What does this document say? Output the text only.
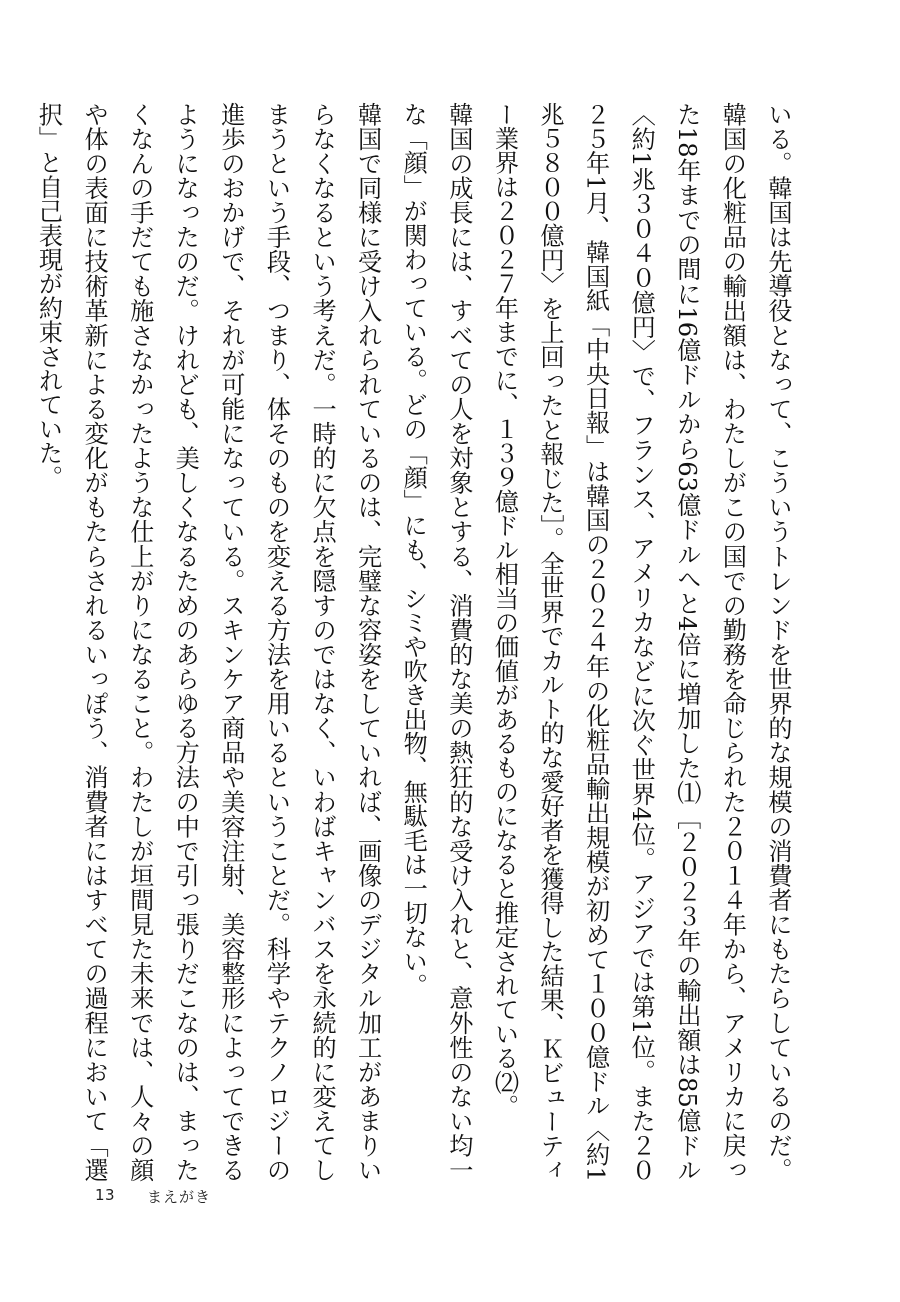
いる。韓国は先導役となって、こういうトレンドを世界的な規模の消費者にもたらしているのだ。韓国の化粧品の輸出額は、わたしがこの国での勤務を命じられた２０１４年から、アメリカに戻った18年までの間に16億ドルから63億ドルへと4倍に増加した⑴［２０２３年の輸出額は85億ドル〈約1兆３０４０億円〉で、フランス、アメリカなどに次ぐ世界4位。アジアでは第1位。また２０２５年1月、韓国紙「中央日報」は韓国の２０２４年の化粧品輸出規模が初めて１００億ドル〈約1兆５８００億円〉を上回ったと報じた］。全世界でカルト的な愛好者を獲得した結果、Ｋビューティー業界は２０２７年までに、１３９億ドル相当の価値があるものになると推定されている⑵。

韓国の成長には、すべての人を対象とする、消費的な美の熱狂的な受け入れと、意外性のない均一な「顔」が関わっている。どの「顔」にも、シミや吹き出物、無駄毛は一切ない。

韓国で同様に受け入れられているのは、完璧な容姿をしていれば、画像のデジタル加工があまりいらなくなるという考えだ。一時的に欠点を隠すのではなく、いわばキャンバスを永続的に変えてしまうという手段、つまり、体そのものを変える方法を用いるということだ。科学やテクノロジーの進歩のおかげで、それが可能になっている。スキンケア商品や美容注射、美容整形によってできるようになったのだ。けれども、美しくなるためのあらゆる方法の中で引っ張りだこなのは、まったくなんの手だても施さなかったような仕上がりになること。わたしが垣間見た未来では、人々の顔や体の表面に技術革新による変化がもたらされるいっぽう、消費者にはすべての過程において「選択」と自己表現が約束されていた。

13 まえがき
